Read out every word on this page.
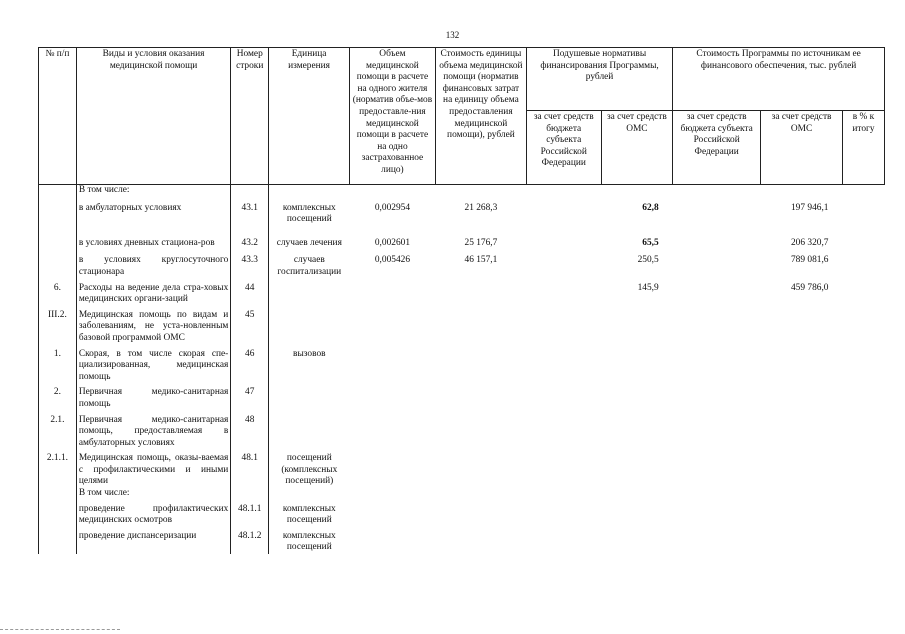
132
№ п/п	Виды и условия оказания медицинской помощи	Номер строки	Единица измерения	Объем медицинской помощи в расчете на одного жителя (норматив объе-мов предоставле-ния медицинской помощи в расчете на одно застрахованное лицо)	Стоимость единицы объема медицинской помощи (норматив финансовых затрат на единицу объема предоставления медицинской помощи), рублей	Подушевые нормативы финансирования Программы, рублей		Стоимость Программы по источникам ее финансового обеспечения, тыс. рублей		
						за счет средств бюджета субъекта Российской Федерации	за счет средств ОМС	за счет средств бюджета субъекта Российской Федерации	за счет средств ОМС	в % к итогу
	В том числе:									
	в амбулаторных условиях	43.1	комплексных посещений	0,002954	21 268,3		62,8		197 946,1	
	в условиях дневных стациона-ров	43.2	случаев лечения	0,002601	25 176,7		65,5		206 320,7	
	в условиях круглосуточного стационара	43.3	случаев госпитализации	0,005426	46 157,1		250,5		789 081,6	
6.	Расходы на ведение дела стра-ховых медицинских органи-заций	44					145,9		459 786,0	
III.2.	Медицинская помощь по видам и заболеваниям, не уста-новленным базовой программой ОМС	45								
1.	Скорая, в том числе скорая спе-циализированная, медицинская помощь	46	вызовов							
2.	Первичная медико-санитарная помощь	47								
2.1.	Первичная медико-санитарная помощь, предоставляемая в амбулаторных условиях	48								
2.1.1.	Медицинская помощь, оказы-ваемая с профилактическими и иными целями	48.1	посещений (комплексных посещений)							
	В том числе:									
	проведение профилактических медицинских осмотров	48.1.1	комплексных посещений							
	проведение диспансеризации	48.1.2	комплексных посещений							
